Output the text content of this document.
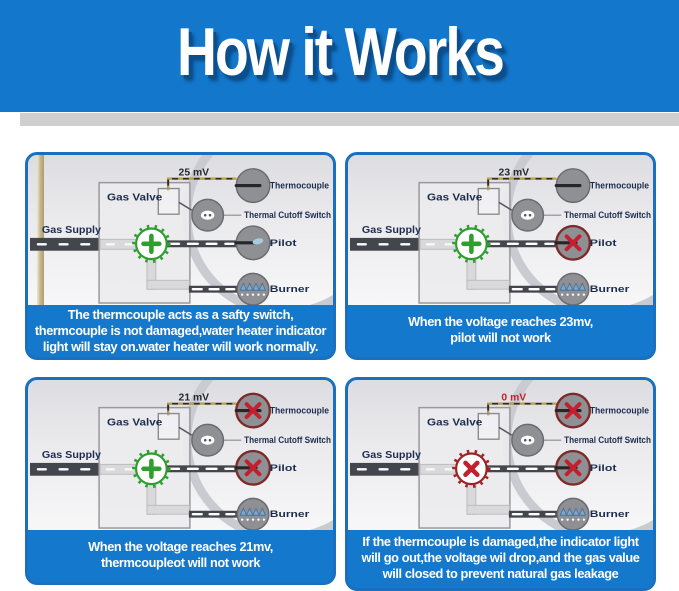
How it Works
25 mV
Gas Valve
Gas Supply
Thermocouple
Thermal Cutoff Switch
Pilot
Burner
The thermcouple acts as a safty switch,
thermcouple is not damaged,water heater indicator
light will stay on.water heater will work normally.
23 mV
Gas Valve
Gas Supply
Thermocouple
Thermal Cutoff Switch
Pilot
Burner
When the voltage reaches 23mv,
pilot will not work
21 mV
Gas Valve
Gas Supply
Thermocouple
Thermal Cutoff Switch
Pilot
Burner
When the voltage reaches 21mv,
thermcoupleot will not work
0 mV
Gas Valve
Gas Supply
Thermocouple
Thermal Cutoff Switch
Pilot
Burner
If the thermcouple is damaged,the indicator light
will go out,the voltage wil drop,and the gas value
will closed to prevent natural gas leakage
